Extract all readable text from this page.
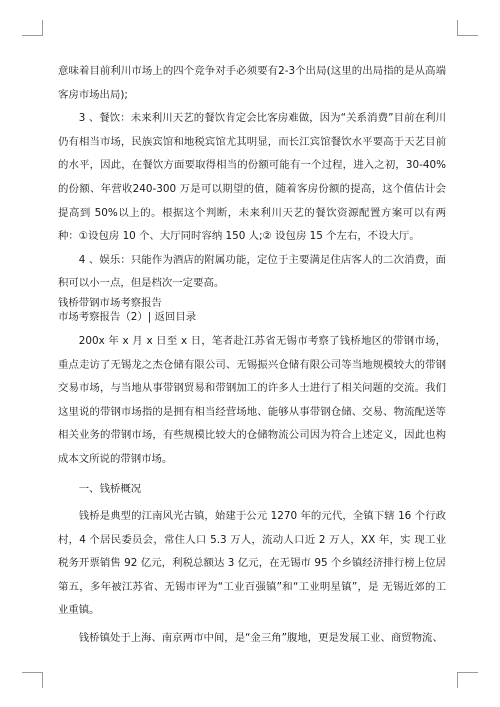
意味着目前利川市场上的四个竞争对手必须要有2-3个出局(这里的出局指的是从高端客房市场出局);

3 、餐饮：未来利川天艺的餐饮肯定会比客房难做，因为“关系消费”目前在利川仍有相当市场，民族宾馆和地税宾馆尤其明显，而长江宾馆餐饮水平要高于天艺目前的水平，因此，在餐饮方面要取得相当的份额可能有一个过程，进入之初，30-40%的份额、年营收240-300 万是可以期望的值，随着客房份额的提高，这个值估计会提高到 50%以上的。根据这个判断，未来利川天艺的餐饮资源配置方案可以有两种：①设包房 10 个、大厅同时容纳 150 人;② 设包房 15 个左右，不设大厅。

4 、娱乐：只能作为酒店的附属功能，定位于主要满足住店客人的二次消费，面积可以小一点，但是档次一定要高。

钱桥带钢市场考察报告
市场考察报告（2）| 返回目录

200x 年 x 月 x 日至 x 日，笔者赴江苏省无锡市考察了钱桥地区的带钢市场，重点走访了无锡龙之杰仓储有限公司、无锡振兴仓储有限公司等当地规模较大的带钢交易市场，与当地从事带钢贸易和带钢加工的许多人士进行了相关问题的交流。我们这里说的带钢市场指的是拥有相当经营场地、能够从事带钢仓储、交易、物流配送等相关业务的带钢市场，有些规模比较大的仓储物流公司因为符合上述定义，因此也构成本文所说的带钢市场。

一、钱桥概况

钱桥是典型的江南风光古镇，始建于公元 1270 年的元代，全镇下辖 16 个行政村，4 个居民委员会，常住人口 5.3 万人，流动人口近 2 万人，XX 年，实 现工业税务开票销售 92 亿元，利税总额达 3 亿元，在无锡市 95 个乡镇经济排行榜上位居第五，多年被江苏省、无锡市评为“工业百强镇”和“工业明星镇”，是 无锡近郊的工业重镇。

钱桥镇处于上海、南京两市中间，是“金三角”腹地，更是发展工业、商贸物流、
